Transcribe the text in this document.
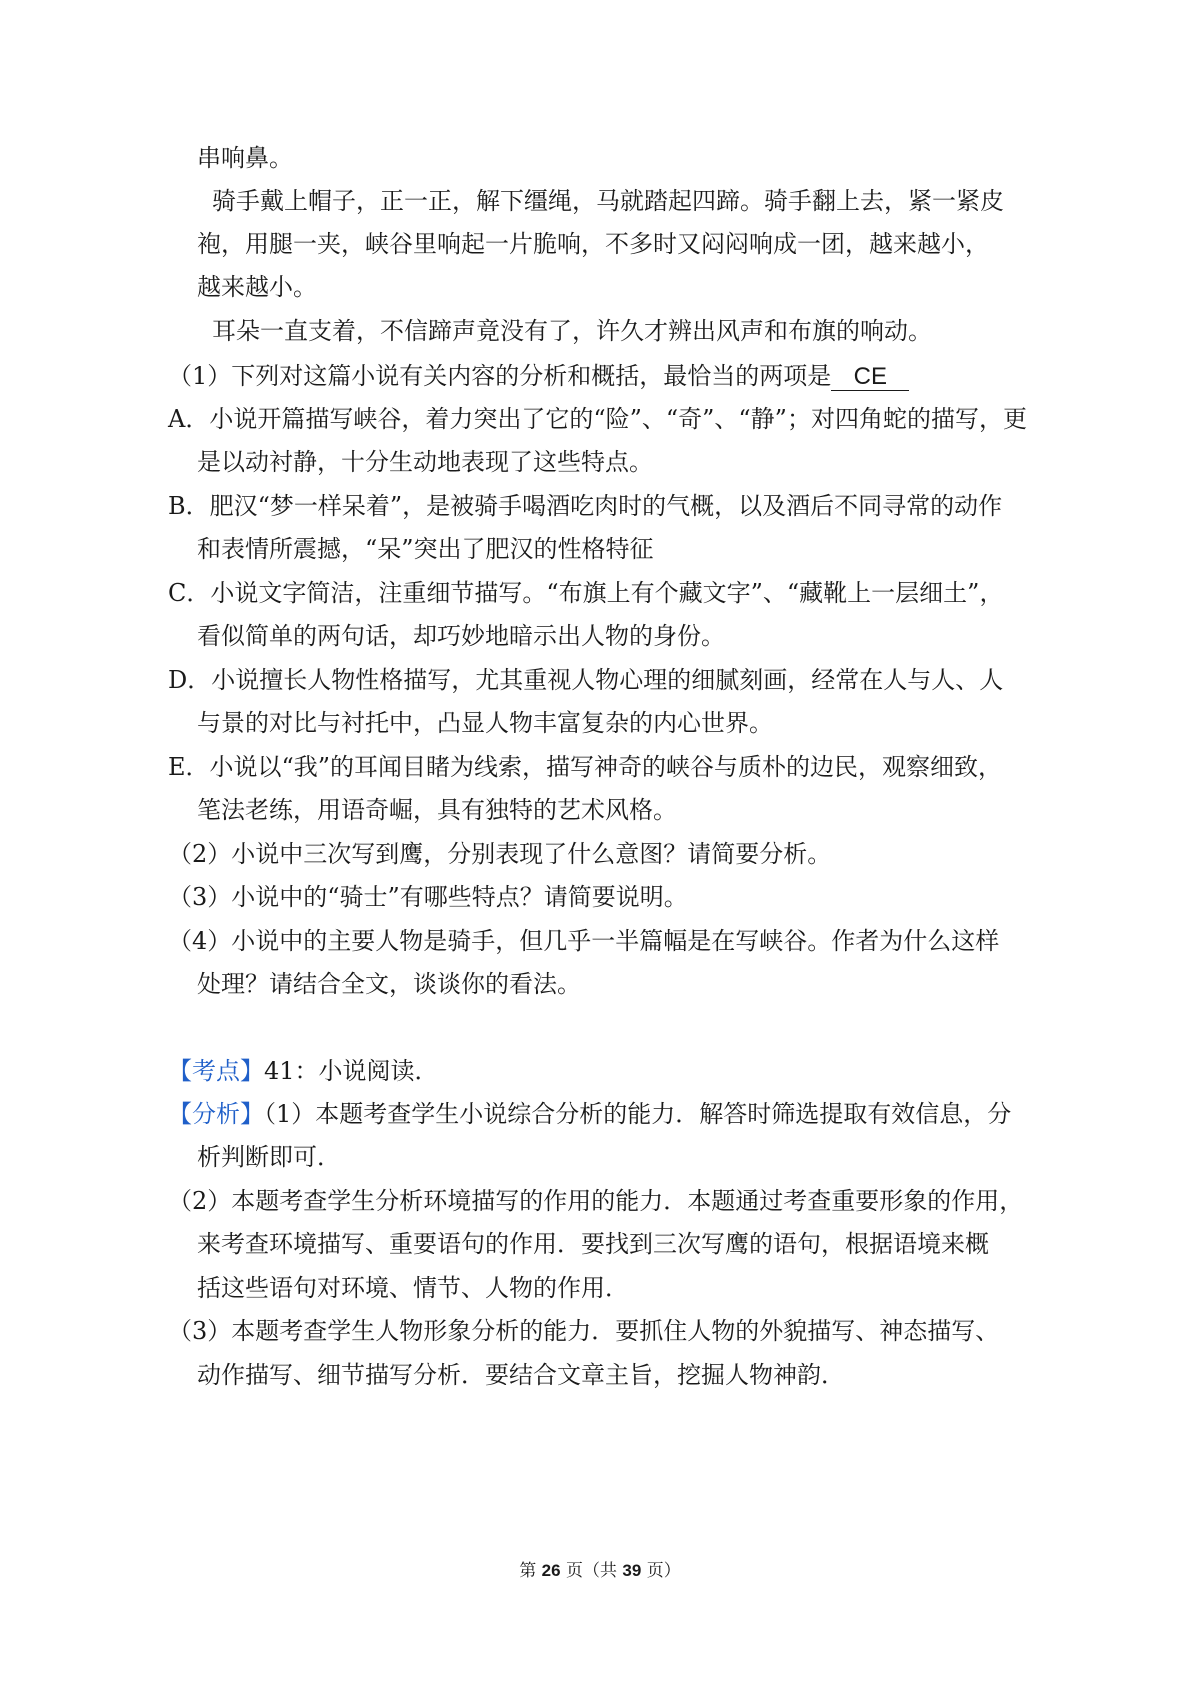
串响鼻。
骑手戴上帽子，正一正，解下缰绳，马就踏起四蹄。骑手翻上去，紧一紧皮
袍，用腿一夹，峡谷里响起一片脆响，不多时又闷闷响成一团，越来越小，
越来越小。
耳朵一直支着，不信蹄声竟没有了，许久才辨出风声和布旗的响动。
（1）下列对这篇小说有关内容的分析和概括，最恰当的两项是 CE
A．小说开篇描写峡谷，着力突出了它的“险”、“奇”、“静”；对四角蛇的描写，更
是以动衬静，十分生动地表现了这些特点。
B．肥汉“梦一样呆着”，是被骑手喝酒吃肉时的气概，以及酒后不同寻常的动作
和表情所震撼，“呆”突出了肥汉的性格特征
C．小说文字简洁，注重细节描写。“布旗上有个藏文字”、“藏靴上一层细土”，
看似简单的两句话，却巧妙地暗示出人物的身份。
D．小说擅长人物性格描写，尤其重视人物心理的细腻刻画，经常在人与人、人
与景的对比与衬托中，凸显人物丰富复杂的内心世界。
E．小说以“我”的耳闻目睹为线索，描写神奇的峡谷与质朴的边民，观察细致，
笔法老练，用语奇崛，具有独特的艺术风格。
（2）小说中三次写到鹰，分别表现了什么意图？请简要分析。
（3）小说中的“骑士”有哪些特点？请简要说明。
（4）小说中的主要人物是骑手，但几乎一半篇幅是在写峡谷。作者为什么这样
处理？请结合全文，谈谈你的看法。
【考点】41：小说阅读．
【分析】（1）本题考查学生小说综合分析的能力．解答时筛选提取有效信息，分
析判断即可．
（2）本题考查学生分析环境描写的作用的能力．本题通过考查重要形象的作用，
来考查环境描写、重要语句的作用．要找到三次写鹰的语句，根据语境来概
括这些语句对环境、情节、人物的作用．
（3）本题考查学生人物形象分析的能力．要抓住人物的外貌描写、神态描写、
动作描写、细节描写分析．要结合文章主旨，挖掘人物神韵．
第 26 页（共 39 页）
